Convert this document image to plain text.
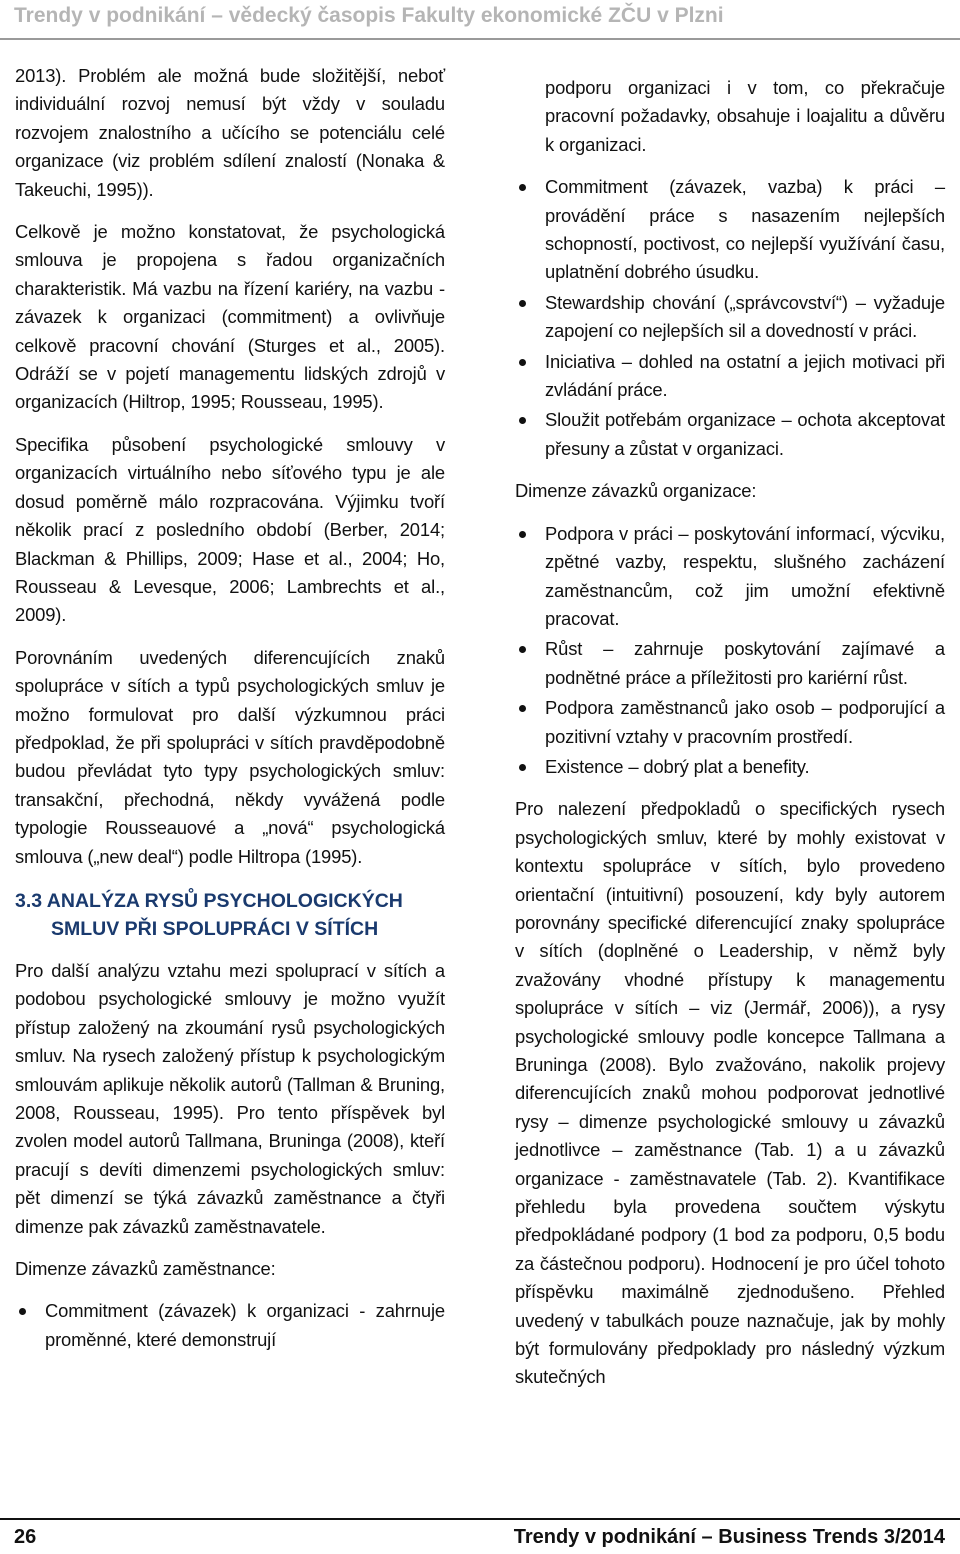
Trendy v podnikání – vědecký časopis Fakulty ekonomické ZČU v Plzni

2013). Problém ale možná bude složitější, neboť individuální rozvoj nemusí být vždy v souladu rozvojem znalostního a učícího se potenciálu celé organizace (viz problém sdílení znalostí (Nonaka & Takeuchi, 1995)).

Celkově je možno konstatovat, že psychologická smlouva je propojena s řadou organizačních charakteristik. Má vazbu na řízení kariéry, na vazbu - závazek k organizaci (commitment) a ovlivňuje celkově pracovní chování (Sturges et al., 2005). Odráží se v pojetí managementu lidských zdrojů v organizacích (Hiltrop, 1995; Rousseau, 1995).

Specifika působení psychologické smlouvy v organizacích virtuálního nebo síťového typu je ale dosud poměrně málo rozpracována. Výjimku tvoří několik prací z posledního období (Berber, 2014; Blackman & Phillips, 2009; Hase et al., 2004; Ho, Rousseau & Levesque, 2006; Lambrechts et al., 2009).

Porovnáním uvedených diferencujících znaků spolupráce v sítích a typů psychologických smluv je možno formulovat pro další výzkumnou práci předpoklad, že při spolupráci v sítích pravděpodobně budou převládat tyto typy psychologických smluv: transakční, přechodná, někdy vyvážená podle typologie Rousseauové a „nová“ psychologická smlouva („new deal“) podle Hiltropa (1995).

3.3 ANALÝZA RYSŮ PSYCHOLOGICKÝCH
SMLUV PŘI SPOLUPRÁCI V SÍTÍCH

Pro další analýzu vztahu mezi spoluprací v sítích a podobou psychologické smlouvy je možno využít přístup založený na zkoumání rysů psychologických smluv. Na rysech založený přístup k psychologickým smlouvám aplikuje několik autorů (Tallman & Bruning, 2008, Rousseau, 1995). Pro tento příspěvek byl zvolen model autorů Tallmana, Bruninga (2008), kteří pracují s devíti dimenzemi psychologických smluv: pět dimenzí se týká závazků zaměstnance a čtyři dimenze pak závazků zaměstnavatele.

Dimenze závazků zaměstnance:

Commitment (závazek) k organizaci - zahrnuje proměnné, které demonstrují

podporu organizaci i v tom, co překračuje pracovní požadavky, obsahuje i loajalitu a důvěru k organizaci.

Commitment (závazek, vazba) k práci – provádění práce s nasazením nejlepších schopností, poctivost, co nejlepší využívání času, uplatnění dobrého úsudku.
Stewardship chování („správcovství“) – vyžaduje zapojení co nejlepších sil a dovedností v práci.
Iniciativa – dohled na ostatní a jejich motivaci při zvládání práce.
Sloužit potřebám organizace – ochota akceptovat přesuny a zůstat v organizaci.

Dimenze závazků organizace:

Podpora v práci – poskytování informací, výcviku, zpětné vazby, respektu, slušného zacházení zaměstnancům, což jim umožní efektivně pracovat.
Růst – zahrnuje poskytování zajímavé a podnětné práce a příležitosti pro kariérní růst.
Podpora zaměstnanců jako osob – podporující a pozitivní vztahy v pracovním prostředí.
Existence – dobrý plat a benefity.

Pro nalezení předpokladů o specifických rysech psychologických smluv, které by mohly existovat v kontextu spolupráce v sítích, bylo provedeno orientační (intuitivní) posouzení, kdy byly autorem porovnány specifické diferencující znaky spolupráce v sítích (doplněné o Leadership, v němž byly zvažovány vhodné přístupy k managementu spolupráce v sítích – viz (Jermář, 2006)), a rysy psychologické smlouvy podle koncepce Tallmana a Bruninga (2008). Bylo zvažováno, nakolik projevy diferencujících znaků mohou podporovat jednotlivé rysy – dimenze psychologické smlouvy u závazků jednotlivce – zaměstnance (Tab. 1) a u závazků organizace - zaměstnavatele (Tab. 2). Kvantifikace přehledu byla provedena součtem výskytu předpokládané podpory (1 bod za podporu, 0,5 bodu za částečnou podporu). Hodnocení je pro účel tohoto příspěvku maximálně zjednodušeno. Přehled uvedený v tabulkách pouze naznačuje, jak by mohly být formulovány předpoklady pro následný výzkum skutečných

26	Trendy v podnikání – Business Trends 3/2014
